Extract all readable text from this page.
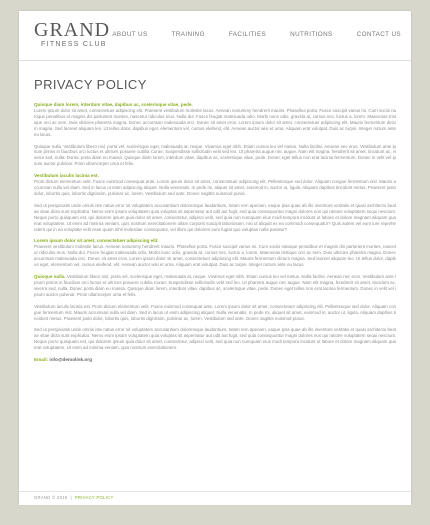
GRAND
FITNESS CLUB
ABOUT US	TRAINING	FACILITIES	NUTRITIONS	CONTACT US
PRIVACY POLICY

Quisque diam lorem, interdum vitae, dapibus ac, scelerisque vitae, pede.

Lorem ipsum dolor sit amet, consectetuer adipiscing elit. Praesent vestibulum molestie lacus. Aenean nonummy hendrerit mauris. Phasellus porta. Fusce suscipit varius mi. Cum sociis natoque penatibus et magnis dis parturient montes, nascetur ridiculus mus. Nulla dui. Fusce feugiat malesuada odio. Morbi nunc odio, gravida at, cursus nec, luctus a, lorem. Maecenas tristique orci ac sem. Duis ultricies pharetra magna. Donec accumsan malesuada orci. Donec sit amet eros. Lorem ipsum dolor sit amet, consectetuer adipiscing elit. Mauris fermentum dictum magna. Sed laoreet aliquam leo. Ut tellus dolor, dapibus eget, elementum vel, cursus eleifend, elit. Aenean auctor wisi et urna. Aliquam erat volutpat. Duis ac turpis. Integer rutrum ante eu lacus.

Quisque nulla. Vestibulum libero nisl, porta vel, scelerisque eget, malesuada at, neque. Vivamus eget nibh. Etiam cursus leo vel metus. Nulla facilisi. Aenean nec eros. Vestibulum ante ipsum primis in faucibus orci luctus et ultrices posuere cubilia Curae; Suspendisse sollicitudin velit sed leo. Ut pharetra augue nec augue. Nam elit magna, hendrerit sit amet, tincidunt ac, viverra sed, nulla. Donec porta diam eu massa. Quisque diam lorem, interdum vitae, dapibus ac, scelerisque vitae, pede. Donec eget tellus non erat lacinia fermentum. Donec in velit vel ipsum auctor pulvinar. Proin ullamcorper urna et felis.

Vestibulum iaculis lacinia est.

Proin dictum elementum velit. Fusce euismod consequat ante. Lorem ipsum dolor sit amet, consectetuer adipiscing elit. Pellentesque sed dolor. Aliquam congue fermentum nisl. Mauris accumsan nulla vel diam. Sed in lacus ut enim adipiscing aliquet. Nulla venenatis. In pede mi, aliquet sit amet, euismod in, auctor ut, ligula. Aliquam dapibus tincidunt metus. Praesent justo dolor, lobortis quis, lobortis dignissim, pulvinar ac, lorem. Vestibulum sed ante. Donec sagittis euismod purus.

Sed ut perspiciatis unde omnis iste natus error sit voluptatem accusantium doloremque laudantium, totam rem aperiam, eaque ipsa quae ab illo inventore veritatis et quasi architecto beatae vitae dicta sunt explicabo. Nemo enim ipsam voluptatem quia voluptas sit aspernatur aut odit aut fugit, sed quia consequuntur magni dolores eos qui ratione voluptatem sequi nesciunt. Neque porro quisquam est, qui dolorem ipsum quia dolor sit amet, consectetur, adipisci velit, sed quia non numquam eius modi tempora incidunt ut labore et dolore magnam aliquam quaerat voluptatem. Ut enim ad minima veniam, quis nostrum exercitationem ullam corporis suscipit laboriosam, nisi ut aliquid ex ea commodi consequatur? Quis autem vel eum iure reprehenderit qui in ea voluptate velit esse quam nihil molestiae consequatur, vel illum qui dolorem eum fugiat quo voluptas nulla pariatur?

Lorem ipsum dolor sit amet, consectetuer adipiscing elit.

Praesent vestibulum molestie lacus. Aenean nonummy hendrerit mauris. Phasellus porta. Fusce suscipit varius mi. Cum sociis natoque penatibus et magnis dis parturient montes, nascetur ridiculus mus. Nulla dui. Fusce feugiat malesuada odio. Morbi nunc odio, gravida at, cursus nec, luctus a, lorem. Maecenas tristique orci ac sem. Duis ultricies pharetra magna. Donec accumsan malesuada orci. Donec sit amet eros. Lorem ipsum dolor sit amet, consectetuer adipiscing elit. Mauris fermentum dictum magna. Sed laoreet aliquam leo. Ut tellus dolor, dapibus eget, elementum vel, cursus eleifend, elit. Aenean auctor wisi et urna. Aliquam erat volutpat. Duis ac turpis. Integer rutrum ante eu lacus.

Quisque nulla. Vestibulum libero nisl, porta vel, scelerisque eget, malesuada at, neque. Vivamus eget nibh. Etiam cursus leo vel metus. Nulla facilisi. Aenean nec eros. Vestibulum ante ipsum primis in faucibus orci luctus et ultrices posuere cubilia Curae; Suspendisse sollicitudin velit sed leo. Ut pharetra augue nec augue. Nam elit magna, hendrerit sit amet, tincidunt ac, viverra sed, nulla. Donec porta diam eu massa. Quisque diam lorem, interdum vitae, dapibus ac, scelerisque vitae, pede. Donec eget tellus non erat lacinia fermentum. Donec in velit vel ipsum auctor pulvinar. Proin ullamcorper urna et felis.

Vestibulum iaculis lacinia est. Proin dictum elementum velit. Fusce euismod consequat ante. Lorem ipsum dolor sit amet, consectetuer adipiscing elit. Pellentesque sed dolor. Aliquam congue fermentum nisl. Mauris accumsan nulla vel diam. Sed in lacus ut enim adipiscing aliquet. Nulla venenatis. In pede mi, aliquet sit amet, euismod in, auctor ut, ligula. Aliquam dapibus tincidunt metus. Praesent justo dolor, lobortis quis, lobortis dignissim, pulvinar ac, lorem. Vestibulum sed ante. Donec sagittis euismod purus.

Sed ut perspiciatis unde omnis iste natus error sit voluptatem accusantium doloremque laudantium, totam rem aperiam, eaque ipsa quae ab illo inventore veritatis et quasi architecto beatae vitae dicta sunt explicabo. Nemo enim ipsam voluptatem quia voluptas sit aspernatur aut odit aut fugit, sed quia consequuntur magni dolores eos qui ratione voluptatem sequi nesciunt. Neque porro quisquam est, qui dolorem ipsum quia dolor sit amet, consectetur, adipisci velit, sed quia non numquam eius modi tempora incidunt ut labore et dolore magnam aliquam quaerat voluptatem. Ut enim ad minima veniam, quis nostrum exercitationem.

Email: info@demolink.org
GRAND © 2016 | PRIVACY POLICY
